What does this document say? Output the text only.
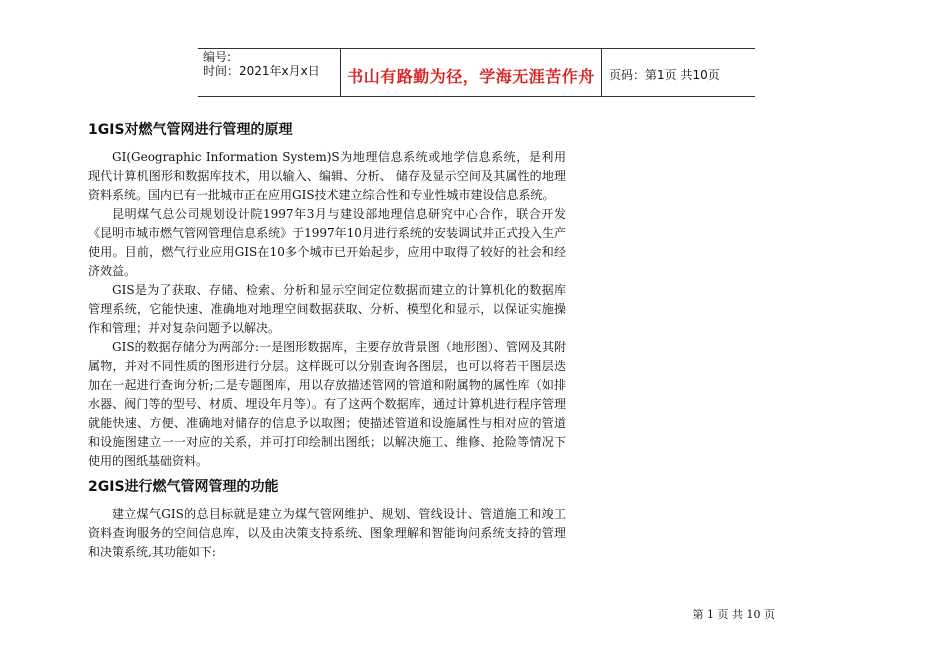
编号:
时间：2021年x月x日	书山有路勤为径，学海无涯苦作舟	页码：第1页 共10页
1GIS对燃气管网进行管理的原理

GI(Geographic Information System)S为地理信息系统或地学信息系统，是利用现代计算机图形和数据库技术，用以输入、编辑、分析、 储存及显示空间及其属性的地理资料系统。国内已有一批城市正在应用GIS技术建立综合性和专业性城市建设信息系统。

昆明煤气总公司规划设计院1997年3月与建设部地理信息研究中心合作，联合开发《昆明市城市燃气管网管理信息系统》于1997年10月进行系统的安装调试并正式投入生产使用。目前，燃气行业应用GIS在10多个城市已开始起步，应用中取得了较好的社会和经济效益。

GIS是为了获取、存储、检索、分析和显示空间定位数据而建立的计算机化的数据库管理系统，它能快速、准确地对地理空间数据获取、分析、模型化和显示，以保证实施操作和管理；并对复杂问题予以解决。

GIS的数据存储分为两部分:一是图形数据库，主要存放背景图（地形图）、管网及其附属物，并对不同性质的图形进行分层。这样既可以分别查询各图层，也可以将若干图层迭加在一起进行查询分析;二是专题图库，用以存放描述管网的管道和附属物的属性库（如排水器、阀门等的型号、材质、埋设年月等）。有了这两个数据库，通过计算机进行程序管理就能快速、方便、准确地对储存的信息予以取图；使描述管道和设施属性与相对应的管道和设施图建立一一对应的关系，并可打印绘制出图纸；以解决施工、维修、抢险等情况下使用的图纸基础资料。

2GIS进行燃气管网管理的功能

建立煤气GIS的总目标就是建立为煤气管网维护、规划、管线设计、管道施工和竣工资料查询服务的空间信息库，以及由决策支持系统、图象理解和智能询问系统支持的管理和决策系统,其功能如下:

第 1 页 共 10 页
